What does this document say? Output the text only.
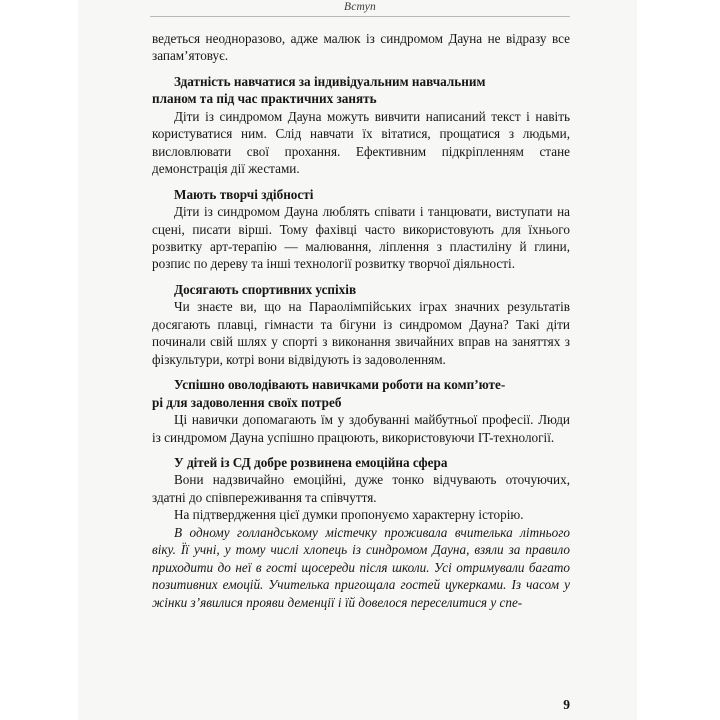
Вступ

ведеться неодноразово, адже малюк із синдромом Дауна не відразу все запам’ятовує.

Здатність навчатися за індивідуальним навчальним

планом та під час практичних занять

Діти із синдромом Дауна можуть вивчити написаний текст і навіть користуватися ним. Слід навчати їх вітатися, прощатися з людьми, висловлювати свої прохання. Ефективним підкріпленням стане демонстрація дії жестами.

Мають творчі здібності

Діти із синдромом Дауна люблять співати і танцювати, виступати на сцені, писати вірші. Тому фахівці часто використовують для їхнього розвитку арт-терапію — малювання, ліплення з пластиліну й глини, розпис по дереву та інші технології розвитку творчої діяльності.

Досягають спортивних успіхів

Чи знаєте ви, що на Параолімпійських іграх значних результатів досягають плавці, гімнасти та бігуни із синдромом Дауна? Такі діти починали свій шлях у спорті з виконання звичайних вправ на заняттях з фізкультури, котрі вони відвідують із задоволенням.

Успішно оволодівають навичками роботи на комп’юте-

рі для задоволення своїх потреб

Ці навички допомагають їм у здобуванні майбутньої професії. Люди із синдромом Дауна успішно працюють, використовуючи IT-технології.

У дітей із СД добре розвинена емоційна сфера

Вони надзвичайно емоційні, дуже тонко відчувають оточуючих, здатні до співпереживання та співчуття.

На підтвердження цієї думки пропонуємо характерну історію.

В одному голландському містечку проживала вчителька літнього віку. Її учні, у тому числі хлопець із синдромом Дауна, взяли за правило приходити до неї в гості щосереди після школи. Усі отримували багато позитивних емоцій. Учителька пригощала гостей цукерками. Із часом у жінки з’явилися прояви деменції і їй довелося переселитися у спе-

9
